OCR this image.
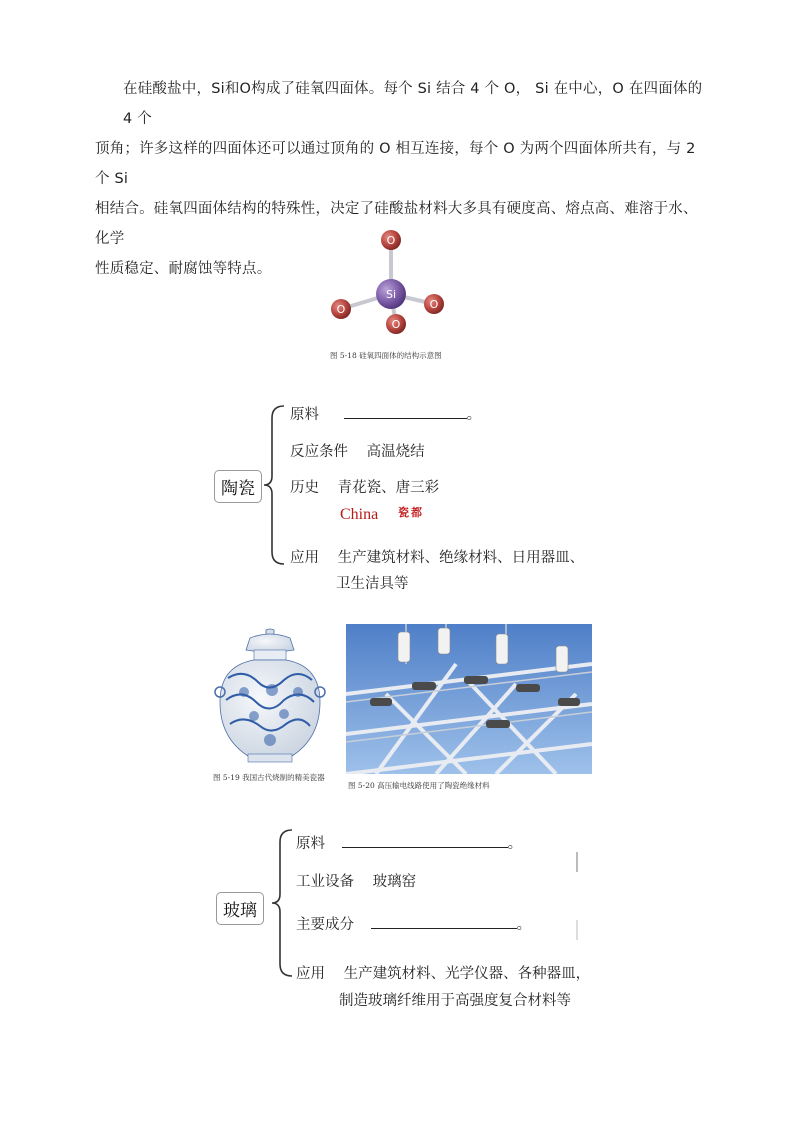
在硅酸盐中，Si和O构成了硅氧四面体。每个 Si 结合 4 个 O， Si 在中心，O 在四面体的 4 个
顶角；许多这样的四面体还可以通过顶角的 O 相互连接，每个 O 为两个四面体所共有，与 2 个 Si
相结合。硅氧四面体结构的特殊性，决定了硅酸盐材料大多具有硬度高、熔点高、难溶于水、化学
性质稳定、耐腐蚀等特点。
O
O
Si
O
O
图 5-18 硅氧四面体的结构示意图
陶瓷
原料	。
反应条件 高温烧结
历史 青花瓷、唐三彩
China 瓷都
应用 生产建筑材料、绝缘材料、日用器皿、
卫生洁具等
图 5-19 我国古代烧制的精美瓷器
图 5-20 高压输电线路使用了陶瓷绝缘材料
玻璃
原料	。
工业设备 玻璃窑
主要成分	。
应用 生产建筑材料、光学仪器、各种器皿，
制造玻璃纤维用于高强度复合材料等
